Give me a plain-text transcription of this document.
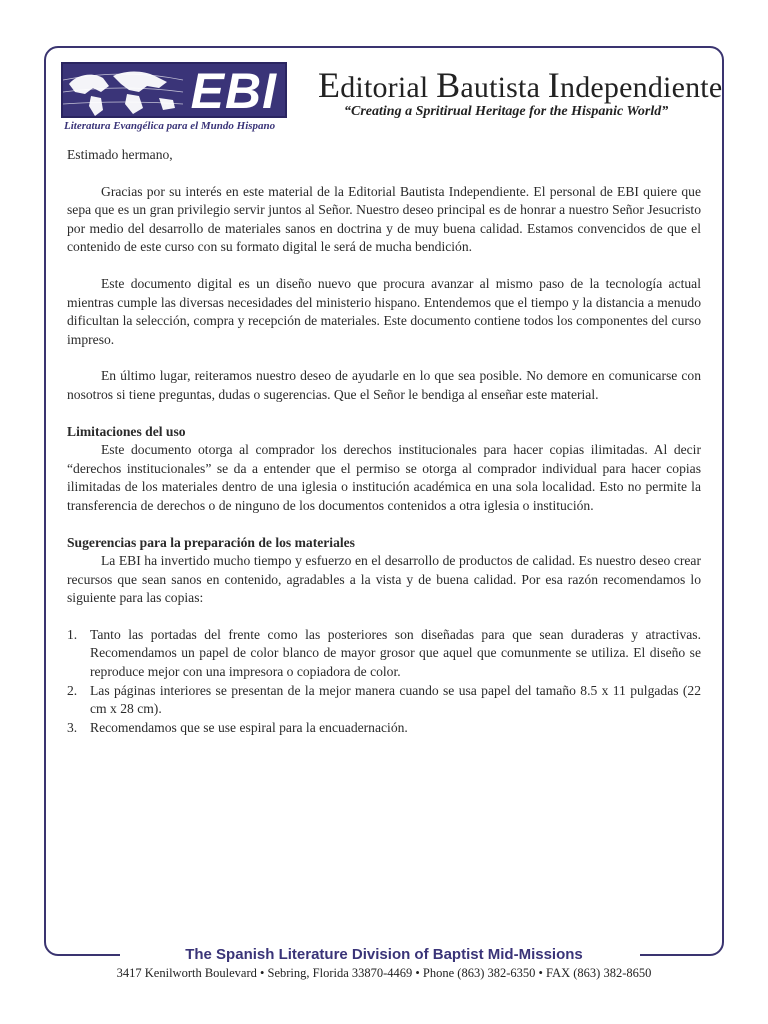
EBI
Literatura Evangélica para el Mundo Hispano
Editorial Bautista Independiente
“Creating a Spritirual Heritage for the Hispanic World”

Estimado hermano,

Gracias por su interés en este material de la Editorial Bautista Independiente. El personal de EBI quiere que sepa que es un gran privilegio servir juntos al Señor. Nuestro deseo principal es de honrar a nuestro Señor Jesucristo por medio del desarrollo de materiales sanos en doctrina y de muy buena calidad. Estamos convencidos de que el contenido de este curso con su formato digital le será de mucha bendición.

Este documento digital es un diseño nuevo que procura avanzar al mismo paso de la tecnología actual mientras cumple las diversas necesidades del ministerio hispano. Entendemos que el tiempo y la distancia a menudo dificultan la selección, compra y recepción de materiales. Este documento contiene todos los componentes del curso impreso.

En último lugar, reiteramos nuestro deseo de ayudarle en lo que sea posible. No demore en comunicarse con nosotros si tiene preguntas, dudas o sugerencias. Que el Señor le bendiga al enseñar este material.

Limitaciones del uso

Este documento otorga al comprador los derechos institucionales para hacer copias ilimitadas. Al decir “derechos institucionales” se da a entender que el permiso se otorga al comprador individual para hacer copias ilimitadas de los materiales dentro de una iglesia o institución académica en una sola localidad. Esto no permite la transferencia de derechos o de ninguno de los documentos contenidos a otra iglesia o institución.

Sugerencias para la preparación de los materiales

La EBI ha invertido mucho tiempo y esfuerzo en el desarrollo de productos de calidad. Es nuestro deseo crear recursos que sean sanos en contenido, agradables a la vista y de buena calidad. Por esa razón recomendamos lo siguiente para las copias:

1. Tanto las portadas del frente como las posteriores son diseñadas para que sean duraderas y atractivas. Recomendamos un papel de color blanco de mayor grosor que aquel que comunmente se utiliza. El diseño se reproduce mejor con una impresora o copiadora de color.
2. Las páginas interiores se presentan de la mejor manera cuando se usa papel del tamaño 8.5 x 11 pulgadas (22 cm x 28 cm).
3. Recomendamos que se use espiral para la encuadernación.
The Spanish Literature Division of Baptist Mid-Missions
3417 Kenilworth Boulevard • Sebring, Florida 33870-4469 • Phone (863) 382-6350 • FAX (863) 382-8650
